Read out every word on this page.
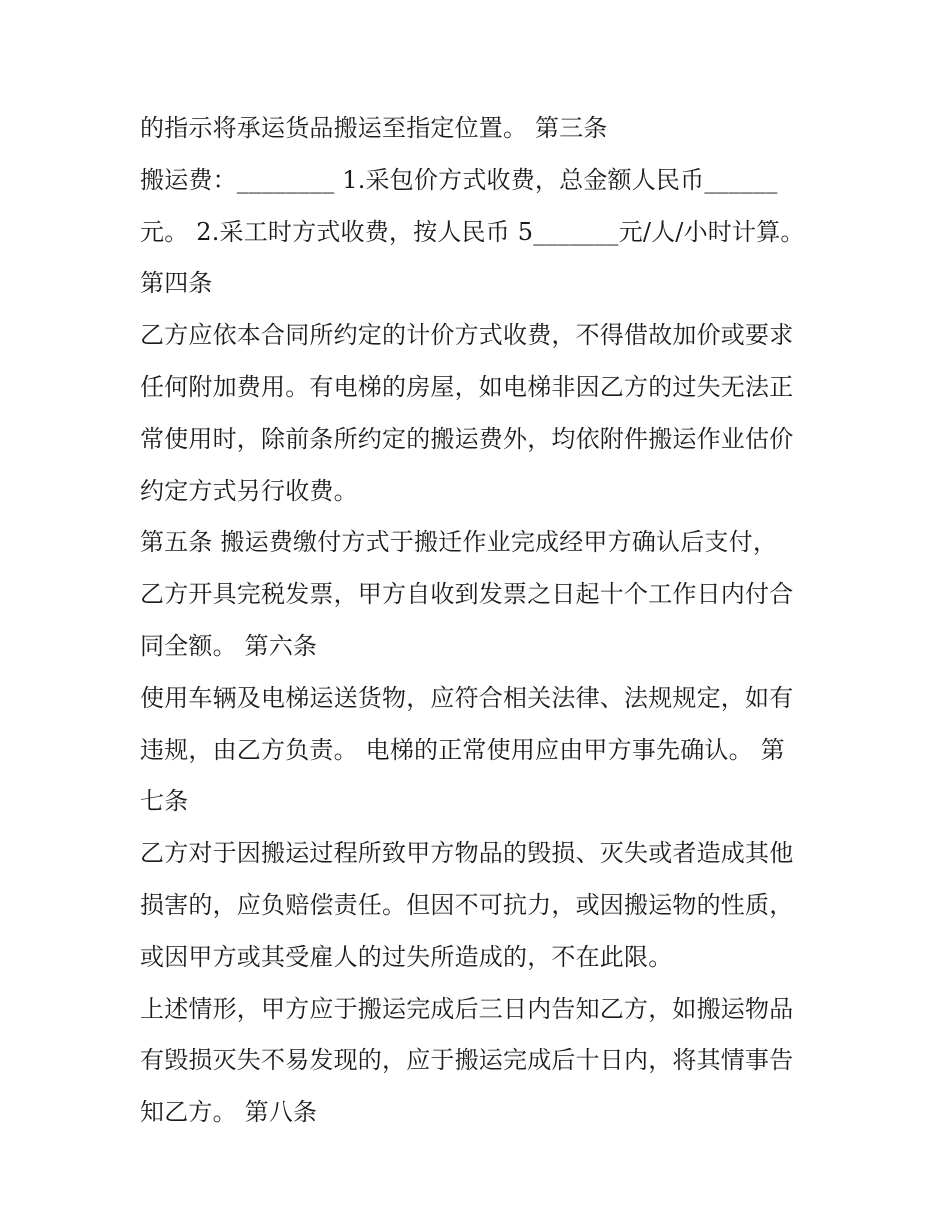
的指示将承运货品搬运至指定位置。 第三条
搬运费：________ 1.采包价方式收费，总金额人民币______
元。 2.采工时方式收费，按人民币 5_______元/人/小时计算。
第四条
乙方应依本合同所约定的计价方式收费，不得借故加价或要求
任何附加费用。有电梯的房屋，如电梯非因乙方的过失无法正
常使用时，除前条所约定的搬运费外，均依附件搬运作业估价
约定方式另行收费。
第五条 搬运费缴付方式于搬迁作业完成经甲方确认后支付，
乙方开具完税发票，甲方自收到发票之日起十个工作日内付合
同全额。 第六条
使用车辆及电梯运送货物，应符合相关法律、法规规定，如有
违规，由乙方负责。 电梯的正常使用应由甲方事先确认。 第
七条
乙方对于因搬运过程所致甲方物品的毁损、灭失或者造成其他
损害的，应负赔偿责任。但因不可抗力，或因搬运物的性质，
或因甲方或其受雇人的过失所造成的，不在此限。
上述情形，甲方应于搬运完成后三日内告知乙方，如搬运物品
有毁损灭失不易发现的，应于搬运完成后十日内，将其情事告
知乙方。 第八条
